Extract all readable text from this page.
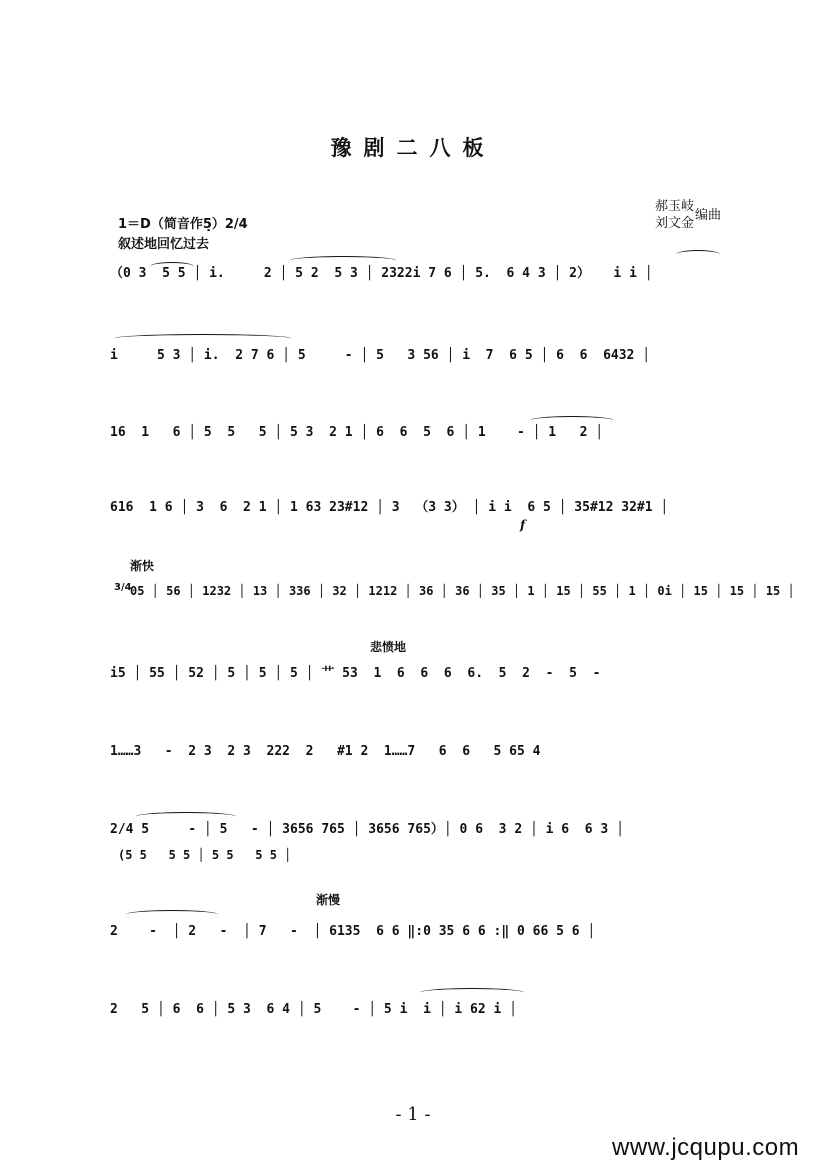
豫剧二八板
郝玉岐
刘文金
编曲
1＝D（简音作5̣）2/4
叙述地回忆过去
（0 3  5 5 │ i.     2 │ 5 2  5 3 │ 2322i 7 6 │ 5.  6 4 3 │ 2）   i i │
i     5 3 │ i.  2 7 6 │ 5     - │ 5   3 56 │ i  7  6 5 │ 6  6  6432 │
16  1   6 │ 5  5   5 │ 5 3  2 1 │ 6  6  5  6 │ 1    - │ 1   2 │
f
616  1 6 │ 3  6  2 1 │ 1 63 23#12 │ 3  （3 3） │ i i  6 5 │ 35#12 32#1 │
渐快
3/4
05 │ 56 │ 1232 │ 13 │ 336 │ 32 │ 1212 │ 36 │ 36 │ 35 │ 1 │ 15 │ 55 │ 1 │ 0i │ 15 │ 15 │ 15 │
悲愤地
i5 │ 55 │ 52 │ 5 │ 5 │ 5 │ 艹 53  1  6  6  6  6.  5  2  -  5  -
1……3   -  2 3  2 3  222  2   #1 2  1……7   6  6   5 65 4
2/4 5     - │ 5   - │ 3656 765 │ 3656 765）│ 0 6  3 2 │ i 6  6 3 │
(5 5   5 5 │ 5 5   5 5 │
渐慢
2    -  │ 2   -  │ 7   -  │ 6135  6 6 ‖:0 35 6 6 :‖ 0 66 5 6 │
2   5 │ 6  6 │ 5 3  6 4 │ 5    - │ 5 i  i │ i 62 i │
- 1 -
www.jcqupu.com
